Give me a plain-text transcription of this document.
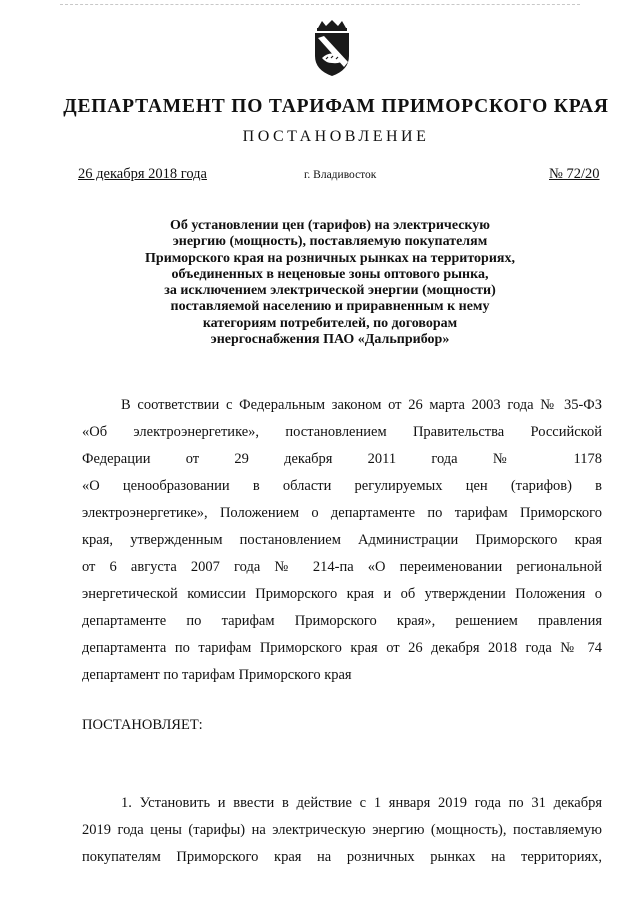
ДЕПАРТАМЕНТ ПО ТАРИФАМ ПРИМОРСКОГО КРАЯ
ПОСТАНОВЛЕНИЕ
26 декабря 2018 года	г. Владивосток	№ 72/20
Об установлении цен (тарифов) на электрическую
энергию (мощность), поставляемую покупателям
Приморского края на розничных рынках на территориях,
объединенных в неценовые зоны оптового рынка,
за исключением электрической энергии (мощности)
поставляемой населению и приравненным к нему
категориям потребителей, по договорам
энергоснабжения ПАО «Дальприбор»
В соответствии с Федеральным законом от 26 марта 2003 года № 35-ФЗ
«Об электроэнергетике», постановлением Правительства Российской
Федерации от 29 декабря 2011 года № 1178
«О ценообразовании в области регулируемых цен (тарифов) в
электроэнергетике», Положением о департаменте по тарифам Приморского
края, утвержденным постановлением Администрации Приморского края
от 6 августа 2007 года № 214-па «О переименовании региональной
энергетической комиссии Приморского края и об утверждении Положения о
департаменте по тарифам Приморского края», решением правления
департамента по тарифам Приморского края от 26 декабря 2018 года № 74
департамент по тарифам Приморского края
ПОСТАНОВЛЯЕТ:
1. Установить и ввести в действие с 1 января 2019 года по 31 декабря
2019 года цены (тарифы) на электрическую энергию (мощность), поставляемую
покупателям Приморского края на розничных рынках на территориях,
